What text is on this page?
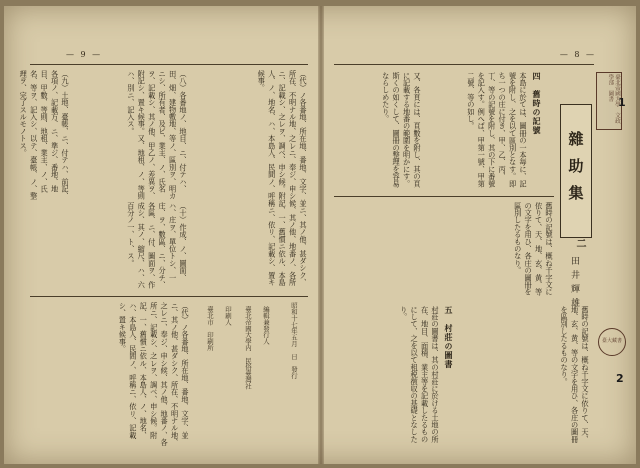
— 9 —
（代）ノ各番地、所在地、番地、文字、並ニ、其ノ他、甚ダシク、所在、不明ナル地、之レニ、奉ジ、申シ候、其ノ他、地番ノ、各所ニ、記載シ、之レヲ、調ベ、申シ候。附記、一、舊慣ニ依ル、本島人、ノ、地名、ハ、本島人、民間ノ、呼稱ニ、依リ、記載シ、置キ候事。
（八）各番地ノ、地目、ニ、付テハ、田、畑、建物敷地、等ノ、區別ヲ、明カニシ、所有者、及ビ、業主、ノ、氏名ヲ、記載シ、其ノ他、甲乙ノ、差異ヲ、附記シ、置キ候事。又、地租、ノ、等則ハ、別ニ、記入ス。
（九）土地、臺帳、ニ、付テハ、前記、各項ノ、記載方、ニ、準ジ、番地、地目、甲數、等則、地租、業主、ノ、氏名、等ヲ、記入シ、以テ、臺帳、ノ、整理ヲ、完了スルモノトス。
（十）作成、ノ、圖面、ハ、庄ヲ、單位トシ、一庄、ヲ、數區、ニ、分チ、各區、ニ、付、圖面ヲ、作成シ、其ノ、縮尺、ハ、六百分ノ一、ト、ス。
昭和十七年五月　日　發行
編輯兼發行人
臺北帝國大學内　民俗臺灣社
印刷人
臺北市　印刷所
（代）ノ各番地、所在地、番地、文字、並ニ、其ノ他、甚ダシク、所在、不明ナル地、之レニ、奉ジ、申シ候、其ノ他、地番ノ、各所ニ、記載シ、之レヲ、調ベ、申シ候。附記、一、舊慣ニ依ル、本島人、ノ、地名、ハ、本島人、民間ノ、呼稱ニ、依リ、記載シ、置キ候事。
— 8 —
臺北帝國大學　文政學部　圖書
雜助集
二
田井輝雄
四　舊時の記號
本島に於ては、圖冊の一本毎に、記號を附し、之を以て區別となす。即ち一つの庄に付き、甲、乙、丙、丁、等の記號を附し、其の下に番號を記入す。例へば、甲第一號、甲第二號、等の如し。
又、各頁には、頁數を附し、其の頁に記載する地番の範圍を明かにす。斯くの如くして、圖冊の整理を容易ならしめたり。
舊時の記號は、概ね千字文に依りて、天、地、玄、黄、等の文字を用ひ、各庄の圖冊を區別したるものなり。
五　村莊の圖書
村莊の圖書は、其の村莊に於ける土地の所在、地目、面積、業主等を記載したるものにして、之を以て租税徴収の基礎となしたり。	舊時の記號は、概ね千字文に依りて、天、地、玄、黄、等の文字を用ひ、各庄の圖冊を區別したるものなり。	臺大藏書
1
2
